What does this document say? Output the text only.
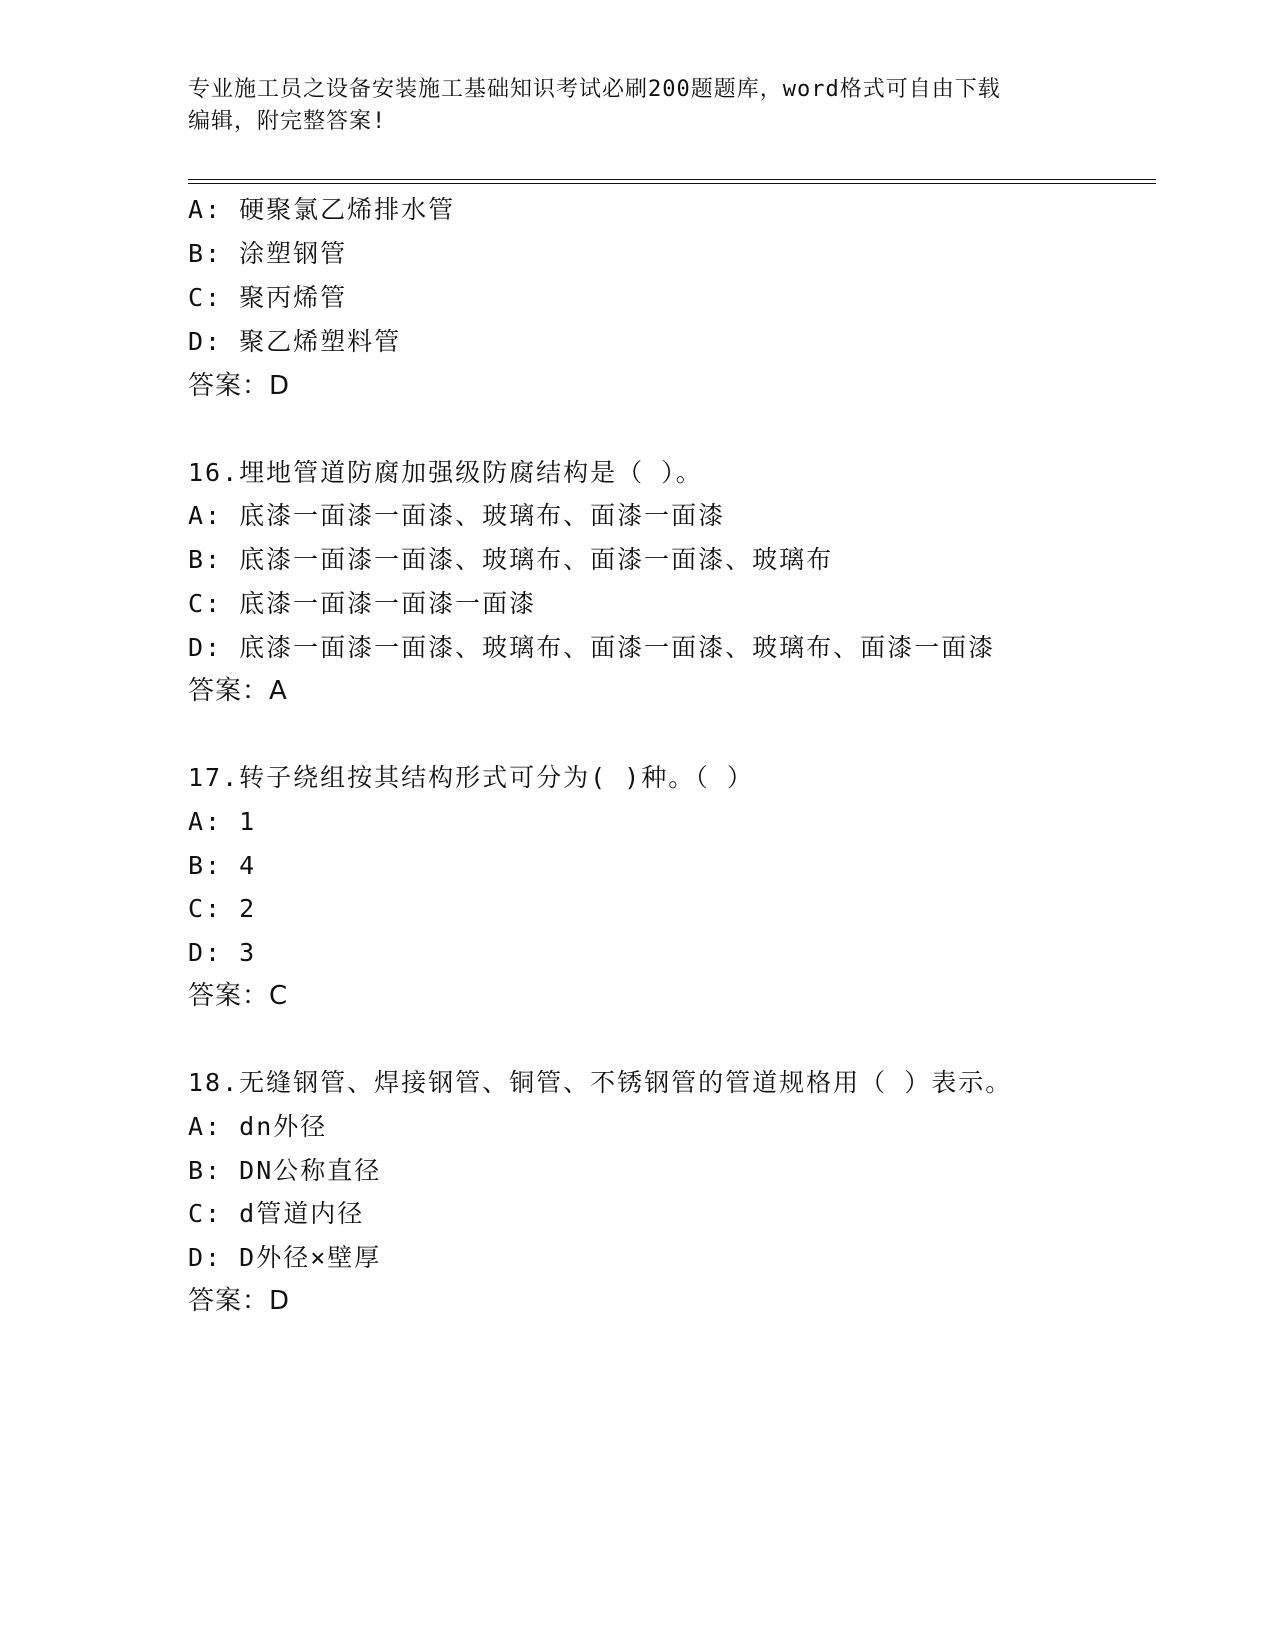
专业施工员之设备安装施工基础知识考试必刷200题题库，word格式可自由下载
编辑，附完整答案!
A: 硬聚氯乙烯排水管
B: 涂塑钢管
C: 聚丙烯管
D: 聚乙烯塑料管
答案：D
16.埋地管道防腐加强级防腐结构是（ ）。
A: 底漆一面漆一面漆、玻璃布、面漆一面漆
B: 底漆一面漆一面漆、玻璃布、面漆一面漆、玻璃布
C: 底漆一面漆一面漆一面漆
D: 底漆一面漆一面漆、玻璃布、面漆一面漆、玻璃布、面漆一面漆
答案：A
17.转子绕组按其结构形式可分为( )种。（ ）
A: 1
B: 4
C: 2
D: 3
答案：C
18.无缝钢管、焊接钢管、铜管、不锈钢管的管道规格用（ ）表示。
A: dn外径
B: DN公称直径
C: d管道内径
D: D外径×壁厚
答案：D
